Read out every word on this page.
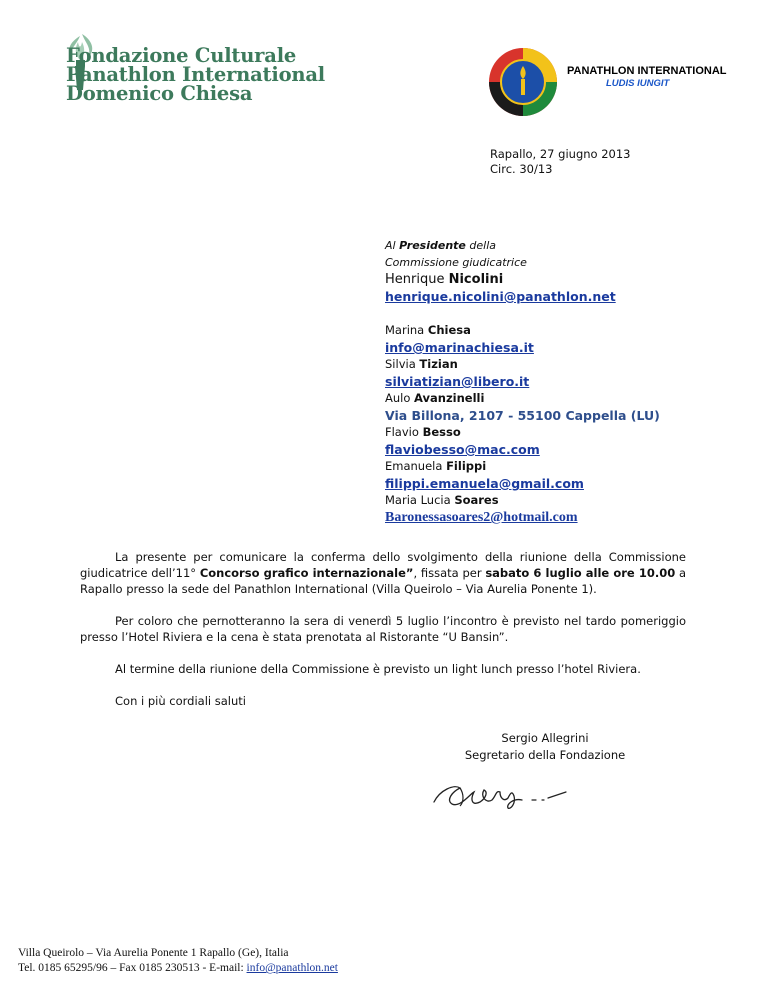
Fondazione Culturale
Panathlon International
Domenico Chiesa
PANATHLON INTERNATIONAL
LUDIS IUNGIT
Rapallo, 27 giugno 2013
Circ. 30/13
Al Presidente della
Commissione giudicatrice
Henrique Nicolini
henrique.nicolini@panathlon.net
Marina Chiesa
info@marinachiesa.it
Silvia Tizian
silviatizian@libero.it
Aulo Avanzinelli
Via Billona, 2107 - 55100 Cappella (LU)
Flavio Besso
flaviobesso@mac.com
Emanuela Filippi
filippi.emanuela@gmail.com
Maria Lucia Soares
Baronessasoares2@hotmail.com

La presente per comunicare la conferma dello svolgimento della riunione della Commissione giudicatrice dell’11° Concorso grafico internazionale”, fissata per sabato 6 luglio alle ore 10.00 a Rapallo presso la sede del Panathlon International (Villa Queirolo – Via Aurelia Ponente 1).

Per coloro che pernotteranno la sera di venerdì 5 luglio l’incontro è previsto nel tardo pomeriggio presso l’Hotel Riviera e la cena è stata prenotata al Ristorante “U Bansin”.

Al termine della riunione della Commissione è previsto un light lunch presso l’hotel Riviera.

Con i più cordiali saluti

Sergio Allegrini
Segretario della Fondazione
Villa Queirolo – Via Aurelia Ponente 1 Rapallo (Ge), Italia
Tel. 0185 65295/96 – Fax 0185 230513 - E-mail: info@panathlon.net
